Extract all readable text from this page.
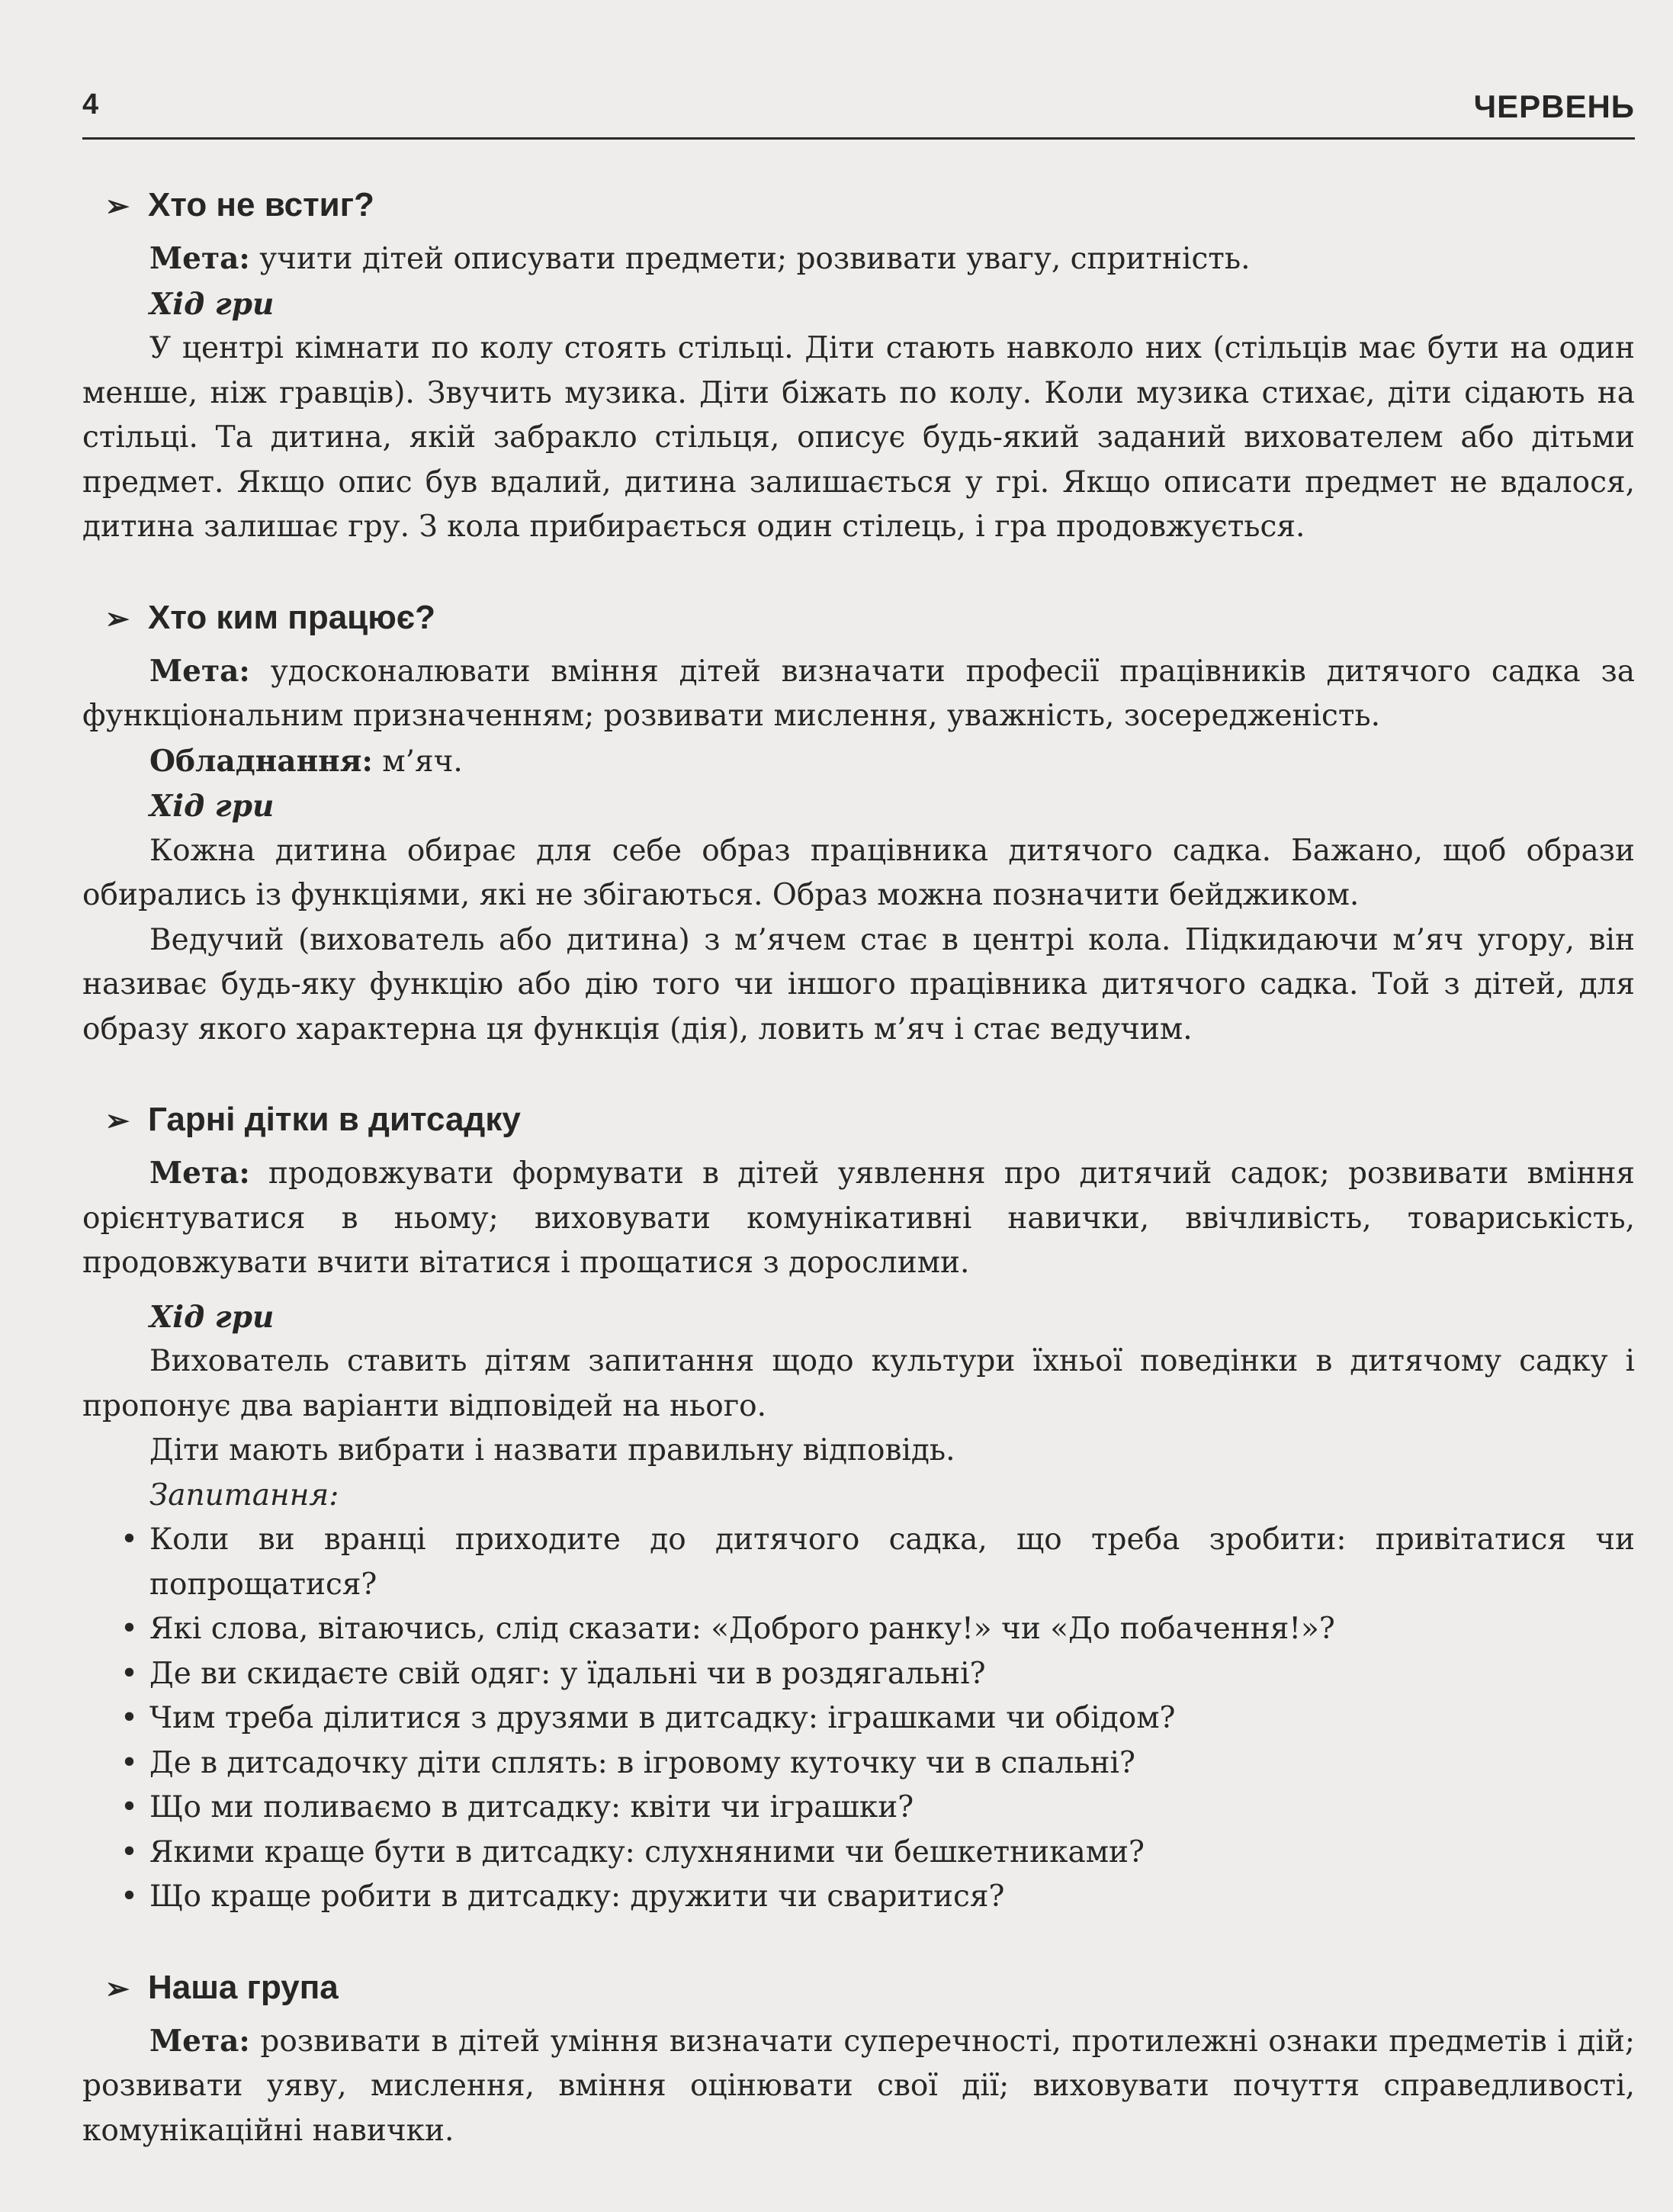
4	ЧЕРВЕНЬ
➢ Хто не встиг?

Мета: учити дітей описувати предмети; розвивати увагу, спритність.

Хід гри

У центрі кімнати по колу стоять стільці. Діти стають навколо них (стільців має бути на один менше, ніж гравців). Звучить музика. Діти біжать по колу. Коли музика стихає, діти сідають на стільці. Та дитина, якій забракло стільця, описує будь-який заданий вихователем або дітьми предмет. Якщо опис був вдалий, дитина залишається у грі. Якщо описати предмет не вдалося, дитина залишає гру. З кола прибирається один стілець, і гра продовжується.

➢ Хто ким працює?

Мета: удосконалювати вміння дітей визначати професії працівників дитячого садка за функціональним призначенням; розвивати мислення, уважність, зосередженість.

Обладнання: м’яч.

Хід гри

Кожна дитина обирає для себе образ працівника дитячого садка. Бажано, щоб образи обирались із функціями, які не збігаються. Образ можна позначити бейджиком.

Ведучий (вихователь або дитина) з м’ячем стає в центрі кола. Підкидаючи м’яч угору, він називає будь-яку функцію або дію того чи іншого працівника дитячого садка. Той з дітей, для образу якого характерна ця функція (дія), ловить м’яч і стає ведучим.

➢ Гарні дітки в дитсадку

Мета: продовжувати формувати в дітей уявлення про дитячий садок; розвивати вміння орієнтуватися в ньому; виховувати комунікативні навички, ввічливість, товариськість, продовжувати вчити вітатися і прощатися з дорослими.

Хід гри

Вихователь ставить дітям запитання щодо культури їхньої поведінки в дитячому садку і пропонує два варіанти відповідей на нього.

Діти мають вибрати і назвати правильну відповідь.

Запитання:

• Коли ви вранці приходите до дитячого садка, що треба зробити: привітатися чи попрощатися?
• Які слова, вітаючись, слід сказати: «Доброго ранку!» чи «До побачення!»?
• Де ви скидаєте свій одяг: у їдальні чи в роздягальні?
• Чим треба ділитися з друзями в дитсадку: іграшками чи обідом?
• Де в дитсадочку діти сплять: в ігровому куточку чи в спальні?
• Що ми поливаємо в дитсадку: квіти чи іграшки?
• Якими краще бути в дитсадку: слухняними чи бешкетниками?
• Що краще робити в дитсадку: дружити чи сваритися?
➢ Наша група

Мета: розвивати в дітей уміння визначати суперечності, протилежні ознаки предметів і дій; розвивати уяву, мислення, вміння оцінювати свої дії; виховувати почуття справедливості, комунікаційні навички.
